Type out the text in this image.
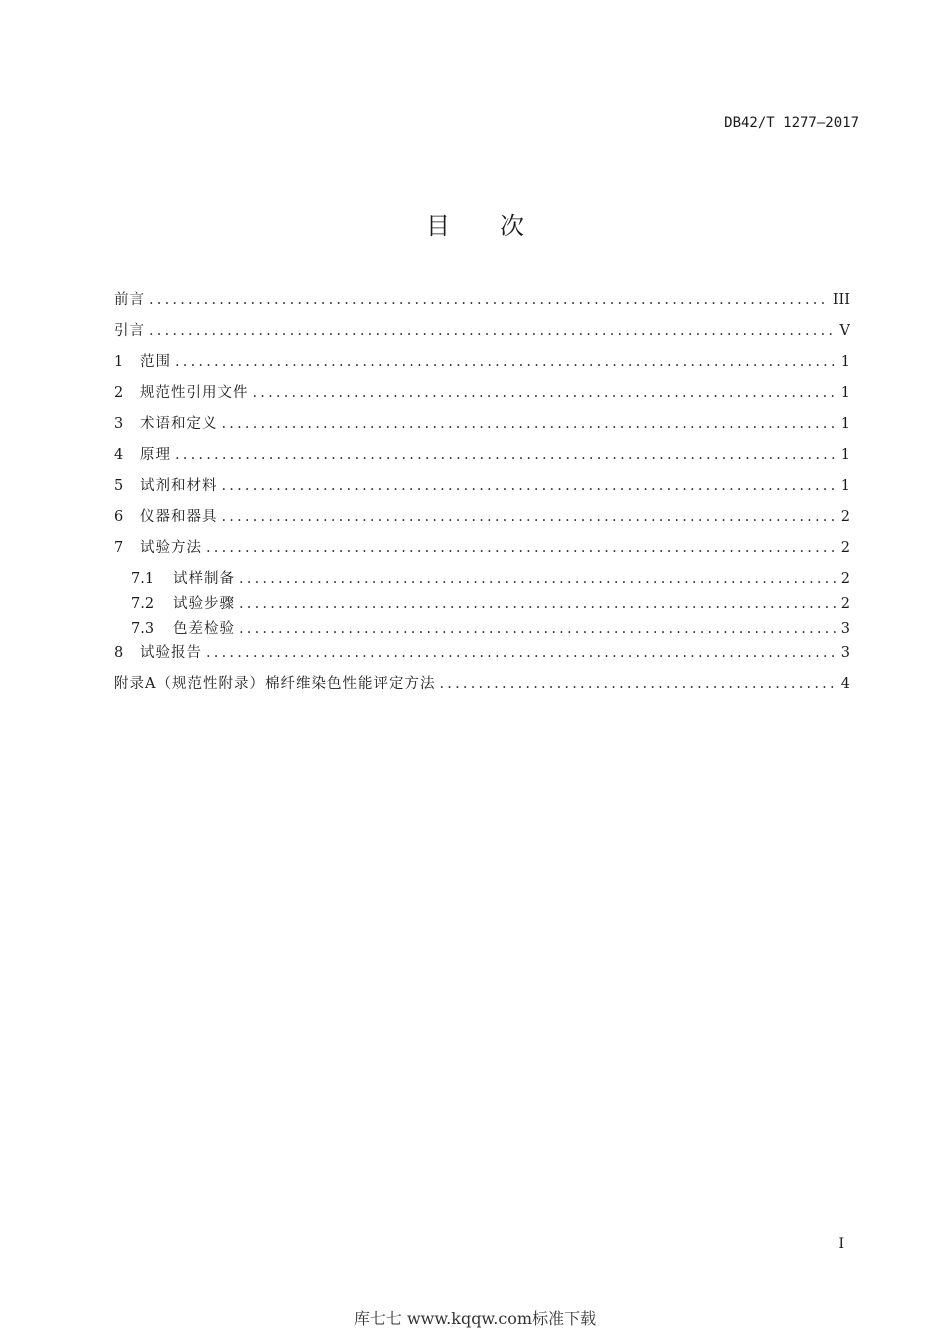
DB42/T 1277—2017
目次
前言 .....	III
引言 .....	V
1	范围 .....	1
2	规范性引用文件 .....	1
3	术语和定义 .....	1
4	原理 .....	1
5	试剂和材料 .....	1
6	仪器和器具 .....	2
7	试验方法 .....	2
7.1	试样制备 .....	2
7.2	试验步骤 .....	2
7.3	色差检验 .....	3
8	试验报告 .....	3
附录A（规范性附录）棉纤维染色性能评定方法 .....	4
I
库七七 www.kqqw.com标准下载
